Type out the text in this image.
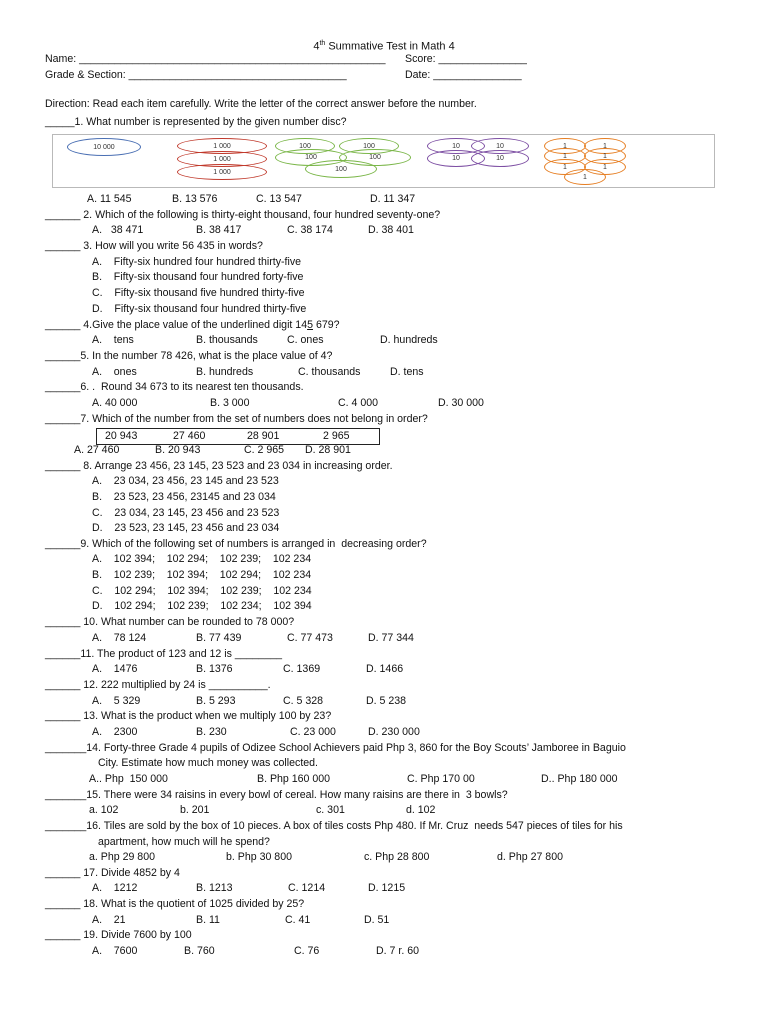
4th Summative Test in Math 4
Name: ____________________________________________________ Score: _______________
Grade & Section: _____________________________________	Date: _______________
Direction: Read each item carefully. Write the letter of the correct answer before the number.
_____1. What number is represented by the given number disc?
10 000	1 000
1 000
1 000
100	100
100	100
100
10	10
10	10
1	1
1	1
1	1
1
A. 11 545	B. 13 576	C. 13 547	D. 11 347
______ 2. Which of the following is thirty-eight thousand, four hundred seventy-one?
A.   38 471	B. 38 417	C. 38 174	D. 38 401
______ 3. How will you write 56 435 in words?
A.    Fifty-six hundred four hundred thirty-five
B.    Fifty-six thousand four hundred forty-five
C.    Fifty-six thousand five hundred thirty-five
D.    Fifty-six thousand four hundred thirty-five
______ 4.Give the place value of the underlined digit 145 679?
A.    tens	B. thousands	C. ones	D. hundreds
______5. In the number 78 426, what is the place value of 4?
A.    ones	B. hundreds	C. thousands	D. tens
______6. .  Round 34 673 to its nearest ten thousands.
A. 40 000	B. 3 000	C. 4 000	D. 30 000
______7. Which of the number from the set of numbers does not belong in order?
20 943	27 460	28 901	2 965
A. 27 460	B. 20 943	C. 2 965 D. 28 901
______ 8. Arrange 23 456, 23 145, 23 523 and 23 034 in increasing order.
A.    23 034, 23 456, 23 145 and 23 523
B.    23 523, 23 456, 23145 and 23 034
C.    23 034, 23 145, 23 456 and 23 523
D.    23 523, 23 145, 23 456 and 23 034
______9. Which of the following set of numbers is arranged in  decreasing order?
A.    102 394;    102 294;    102 239;    102 234
B.    102 239;    102 394;    102 294;    102 234
C.    102 294;    102 394;    102 239;    102 234
D.    102 294;    102 239;    102 234;    102 394
______ 10. What number can be rounded to 78 000?
A.    78 124	B. 77 439	C. 77 473	D. 77 344
______11. The product of 123 and 12 is ________
A.    1476	B. 1376	C. 1369	D. 1466
______ 12. 222 multiplied by 24 is __________.
A.    5 329	B. 5 293	C. 5 328	D. 5 238
______ 13. What is the product when we multiply 100 by 23?
A.    2300	B. 230	C. 23 000	D. 230 000
_______14. Forty-three Grade 4 pupils of Odizee School Achievers paid Php 3, 860 for the Boy Scouts’ Jamboree in Baguio
City. Estimate how much money was collected.
A.. Php  150 000	B. Php 160 000	C. Php 170 00	D.. Php 180 000
_______15. There were 34 raisins in every bowl of cereal. How many raisins are there in  3 bowls?
a. 102	b. 201	c. 301	d. 102
_______16. Tiles are sold by the box of 10 pieces. A box of tiles costs Php 480. If Mr. Cruz  needs 547 pieces of tiles for his
apartment, how much will he spend?
a. Php 29 800	b. Php 30 800	c. Php 28 800	d. Php 27 800
______ 17. Divide 4852 by 4
A.    1212	B. 1213	C. 1214	D. 1215
______ 18. What is the quotient of 1025 divided by 25?
A.    21	B. 11	C. 41	D. 51
______ 19. Divide 7600 by 100
A.    7600	B. 760	C. 76	D. 7 r. 60
